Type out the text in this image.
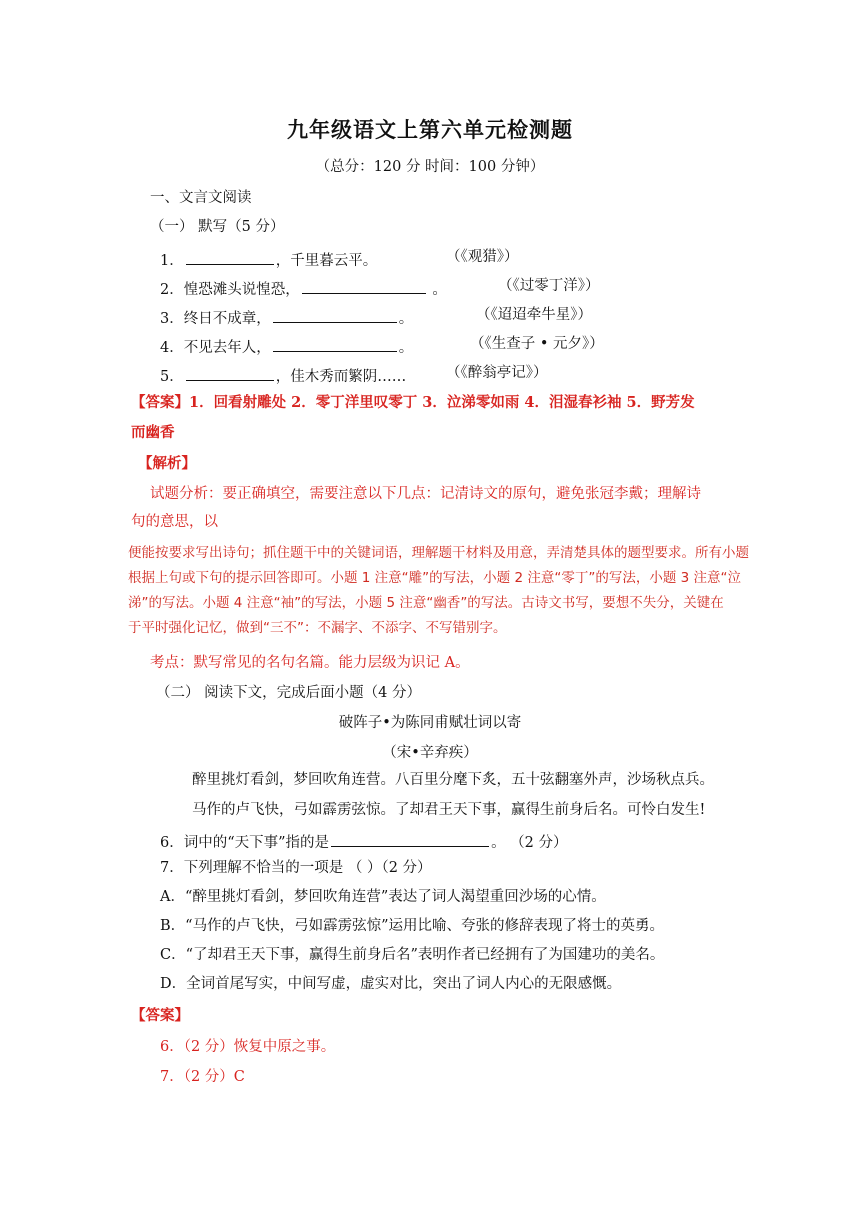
九年级语文上第六单元检测题
（总分：120 分 时间：100 分钟）
一、文言文阅读
（一） 默写（5 分）
1．	，千里暮云平。	（《观猎》）
2．惶恐滩头说惶恐，	。	（《过零丁洋》）
3．终日不成章，	。	（《迢迢牵牛星》）
4．不见去年人，	。	（《生查子 • 元夕》）
5．	，佳木秀而繁阴……	（《醉翁亭记》）
【答案】1．回看射雕处 2．零丁洋里叹零丁 3．泣涕零如雨 4．泪湿春衫袖 5．野芳发
而幽香
【解析】
试题分析：要正确填空，需要注意以下几点：记清诗文的原句，避免张冠李戴；理解诗
句的意思，以
便能按要求写出诗句；抓住题干中的关键词语，理解题干材料及用意，弄清楚具体的题型要求。所有小题
根据上句或下句的提示回答即可。小题 1 注意“雕”的写法，小题 2 注意“零丁”的写法，小题 3 注意“泣
涕”的写法。小题 4 注意“袖”的写法，小题 5 注意“幽香”的写法。古诗文书写，要想不失分，关键在
于平时强化记忆，做到“三不”：不漏字、不添字、不写错别字。
考点：默写常见的名句名篇。能力层级为识记 A。
（二） 阅读下文，完成后面小题（4 分）
破阵子•为陈同甫赋壮词以寄
（宋•辛弃疾）
醉里挑灯看剑，梦回吹角连营。八百里分麾下炙，五十弦翻塞外声，沙场秋点兵。
马作的卢飞快，弓如霹雳弦惊。了却君王天下事，赢得生前身后名。可怜白发生!
6．词中的“天下事”指的是	。 （2 分）
7．下列理解不恰当的一项是 （ ）（2 分）
A．“醉里挑灯看剑，梦回吹角连营”表达了词人渴望重回沙场的心情。
B．“马作的卢飞快，弓如霹雳弦惊”运用比喻、夸张的修辞表现了将士的英勇。
C．“了却君王天下事，赢得生前身后名”表明作者已经拥有了为国建功的美名。
D．全词首尾写实，中间写虚，虚实对比，突出了词人内心的无限感慨。
【答案】
6．（2 分）恢复中原之事。
7．（2 分）C
